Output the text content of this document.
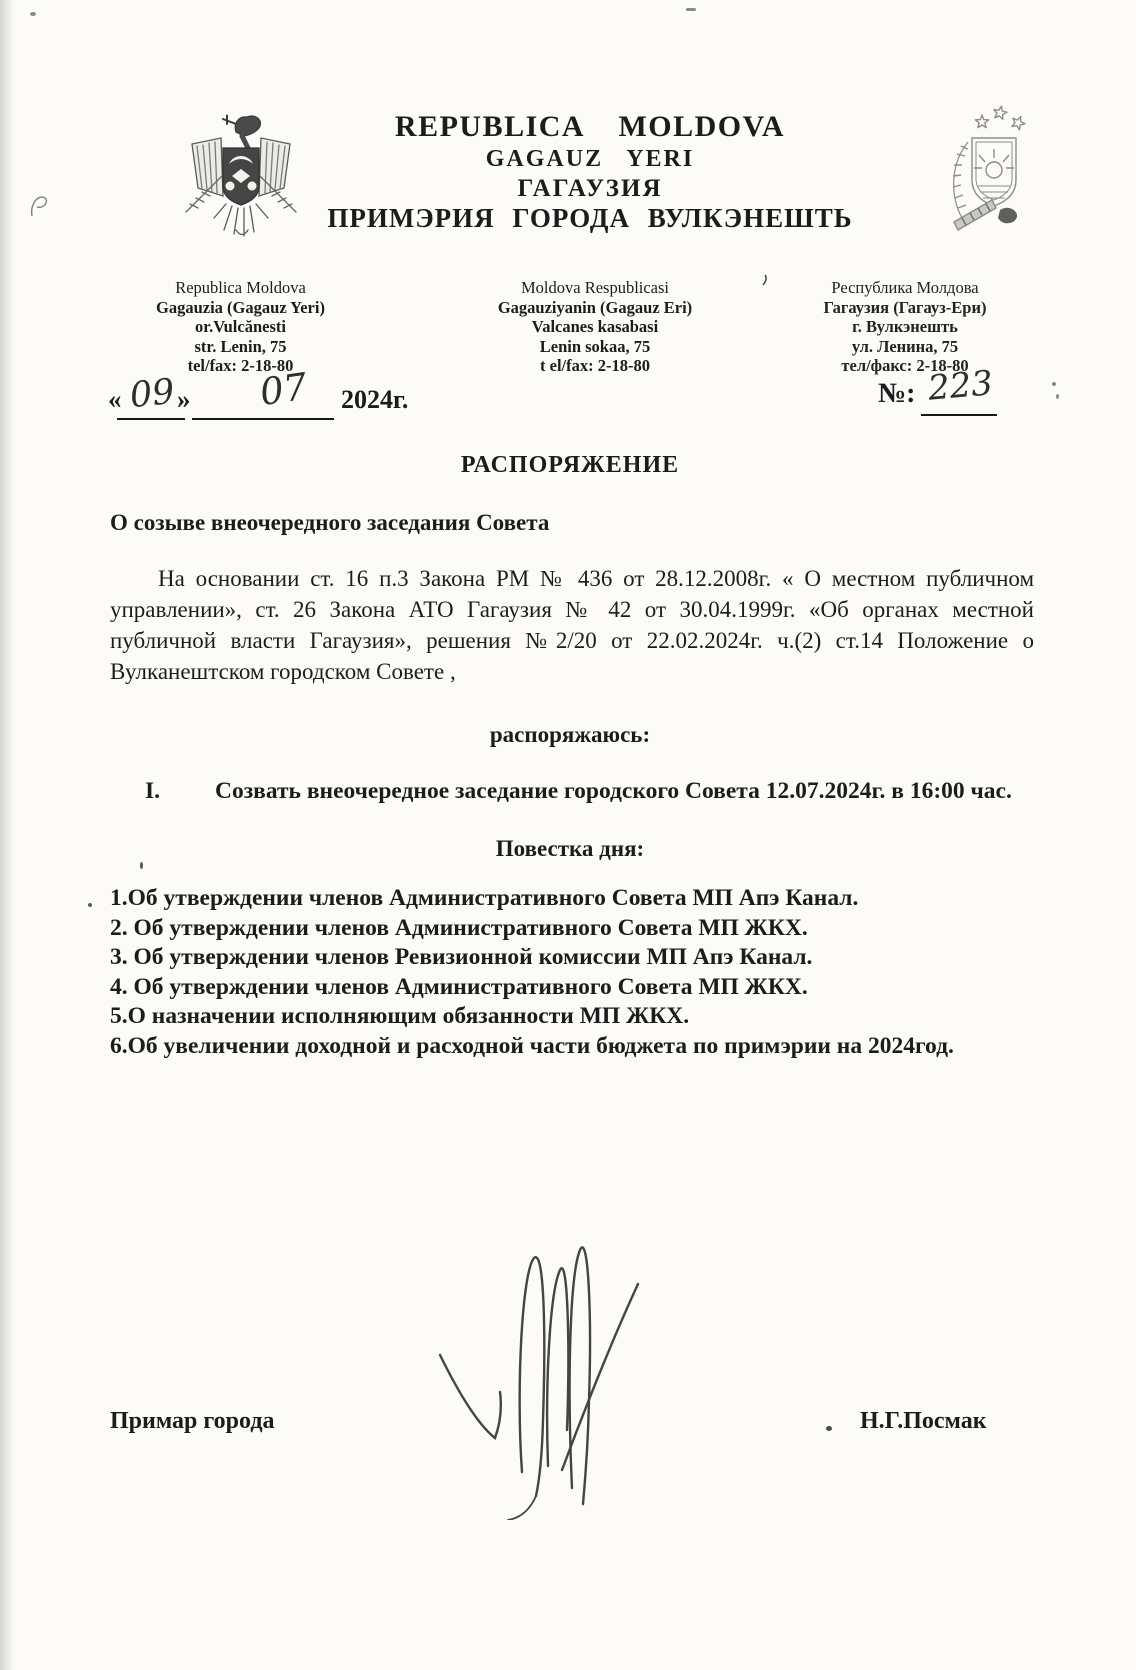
REPUBLICA MOLDOVA
GAGAUZ YERI
ГАГАУЗИЯ
ПРИМЭРИЯ ГОРОДА ВУЛКЭНЕШТЬ
Republica Moldova
Gagauzia (Gagauz Yeri)
or.Vulcănesti
str. Lenin, 75
tel/fax: 2-18-80
Moldova Respublicasi
Gagauziyanin (Gagauz Eri)
Valcanes kasabasi
Lenin sokaa, 75
t el/fax: 2-18-80
Республика Молдова
Гагаузия (Гагауз-Ери)
г. Вулкэнешть
ул. Ленина, 75
тел/факс: 2-18-80
« 09 » 07 2024г.	№: 223
РАСПОРЯЖЕНИЕ
О созыве внеочередного заседания Совета
На основании ст. 16 п.3 Закона РМ № 436 от 28.12.2008г. « О местном публичном управлении», ст. 26 Закона АТО Гагаузия № 42 от 30.04.1999г. «Об органах местной публичной власти Гагаузия», решения №2/20 от 22.02.2024г. ч.(2) ст.14 Положение о Вулканештском городском Совете ,
распоряжаюсь:
I. Созвать внеочередное заседание городского Совета 12.07.2024г. в 16:00 час.
Повестка дня:
1.Об утверждении членов Административного Совета МП Апэ Канал.
2. Об утверждении членов Административного Совета МП ЖКХ.
3. Об утверждении членов Ревизионной комиссии МП Апэ Канал.
4. Об утверждении членов Административного Совета МП ЖКХ.
5.О назначении исполняющим обязанности МП ЖКХ.
6.Об увеличении доходной и расходной части бюджета по примэрии на 2024год.
Примар города	Н.Г.Посмак
